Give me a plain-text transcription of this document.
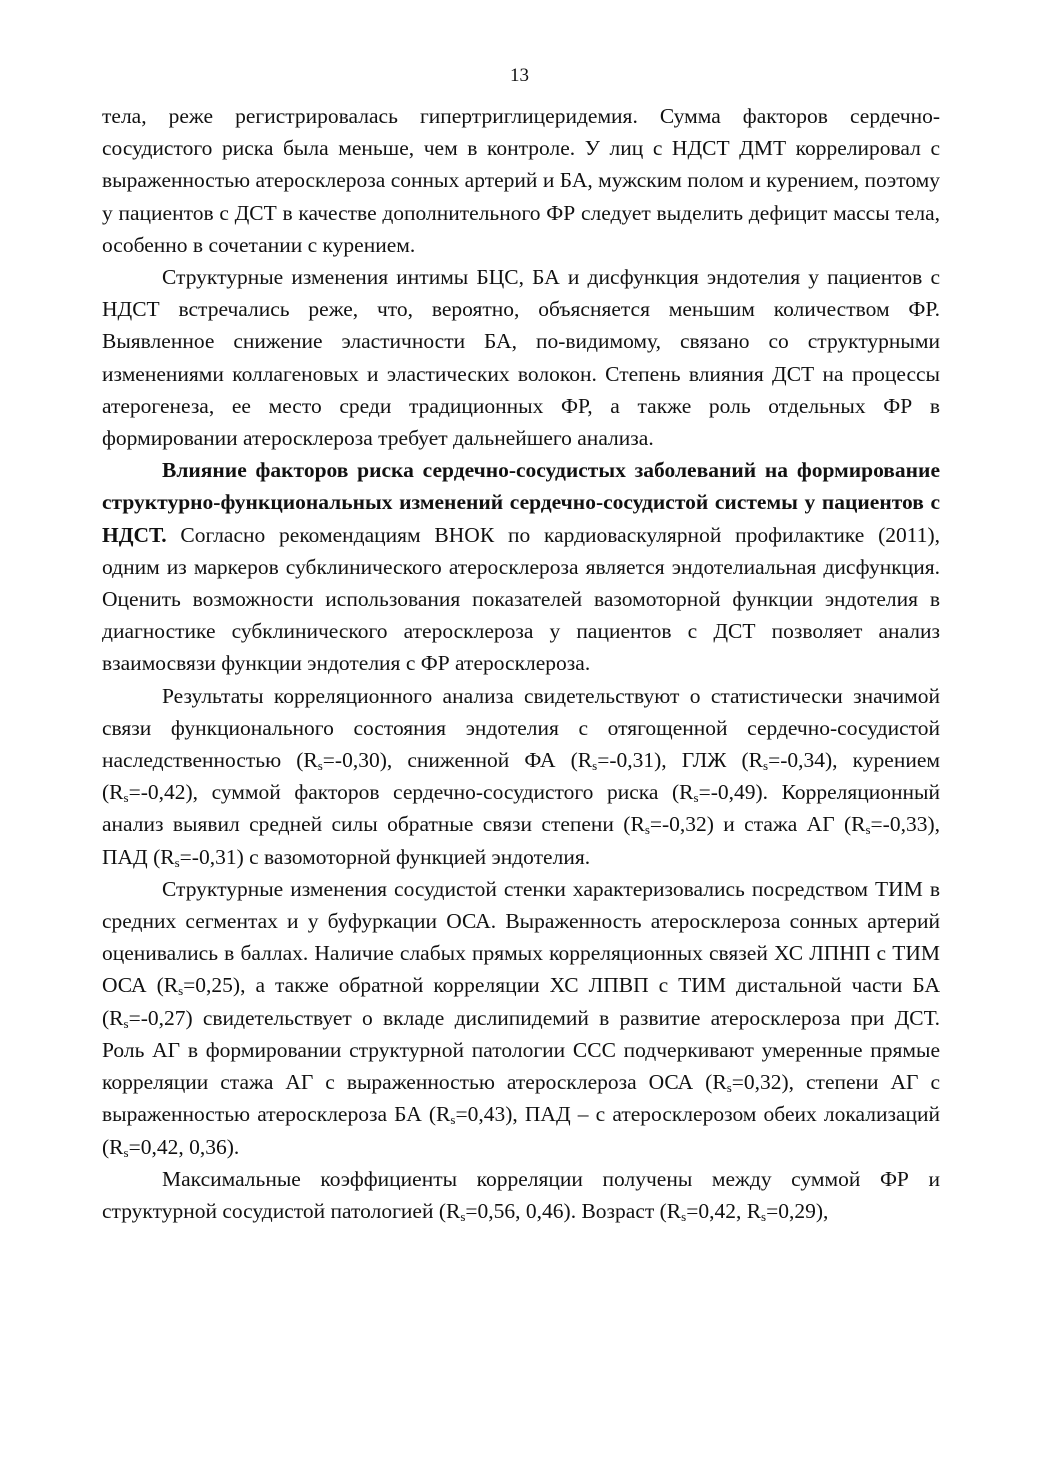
13

тела, реже регистрировалась гипертриглицеридемия. Сумма факторов сердечно-сосудистого риска была меньше, чем в контроле. У лиц с НДСТ ДМТ коррелировал с выраженностью атеросклероза сонных артерий и БА, мужским полом и курением, поэтому у пациентов с ДСТ в качестве дополнительного ФР следует выделить дефицит массы тела, особенно в сочетании с курением.

Структурные изменения интимы БЦС, БА и дисфункция эндотелия у пациентов с НДСТ встречались реже, что, вероятно, объясняется меньшим количеством ФР. Выявленное снижение эластичности БА, по-видимому, связано со структурными изменениями коллагеновых и эластических волокон. Степень влияния ДСТ на процессы атерогенеза, ее место среди традиционных ФР, а также роль отдельных ФР в формировании атеросклероза требует дальнейшего анализа.

Влияние факторов риска сердечно-сосудистых заболеваний на формирование структурно-функциональных изменений сердечно-сосудистой системы у пациентов с НДСТ. Согласно рекомендациям ВНОК по кардиоваскулярной профилактике (2011), одним из маркеров субклинического атеросклероза является эндотелиальная дисфункция. Оценить возможности использования показателей вазомоторной функции эндотелия в диагностике субклинического атеросклероза у пациентов с ДСТ позволяет анализ взаимосвязи функции эндотелия с ФР атеросклероза.

Результаты корреляционного анализа свидетельствуют о статистически значимой связи функционального состояния эндотелия с отягощенной сердечно-сосудистой наследственностью $(R_s=-0,30)$, сниженной ФА $(R_s=-0,31)$, ГЛЖ $(R_s=-0,34)$, курением $(R_s=-0,42)$, суммой факторов сердечно-сосудистого риска $(R_s=-0,49)$. Корреляционный анализ выявил средней силы обратные связи степени $(R_s=-0,32)$ и стажа АГ $(R_s=-0,33)$, ПАД $(R_s=-0,31)$ с вазомоторной функцией эндотелия.

Структурные изменения сосудистой стенки характеризовались посредством ТИМ в средних сегментах и у буфуркации ОСА. Выраженность атеросклероза сонных артерий оценивались в баллах. Наличие слабых прямых корреляционных связей ХС ЛПНП с ТИМ ОСА $(R_s=0,25)$, а также обратной корреляции ХС ЛПВП с ТИМ дистальной части БА $(R_s=-0,27)$ свидетельствует о вкладе дислипидемий в развитие атеросклероза при ДСТ. Роль АГ в формировании структурной патологии ССС подчеркивают умеренные прямые корреляции стажа АГ с выраженностью атеросклероза ОСА $(R_s=0,32)$, степени АГ с выраженностью атеросклероза БА $(R_s=0,43)$, ПАД – с атеросклерозом обеих локализаций ($R_s=0,42$, 0,36).

Максимальные коэффициенты корреляции получены между суммой ФР и структурной сосудистой патологией ($R_s=0,56$, 0,46). Возраст ($R_s=0,42$, $R_s=0,29$),
